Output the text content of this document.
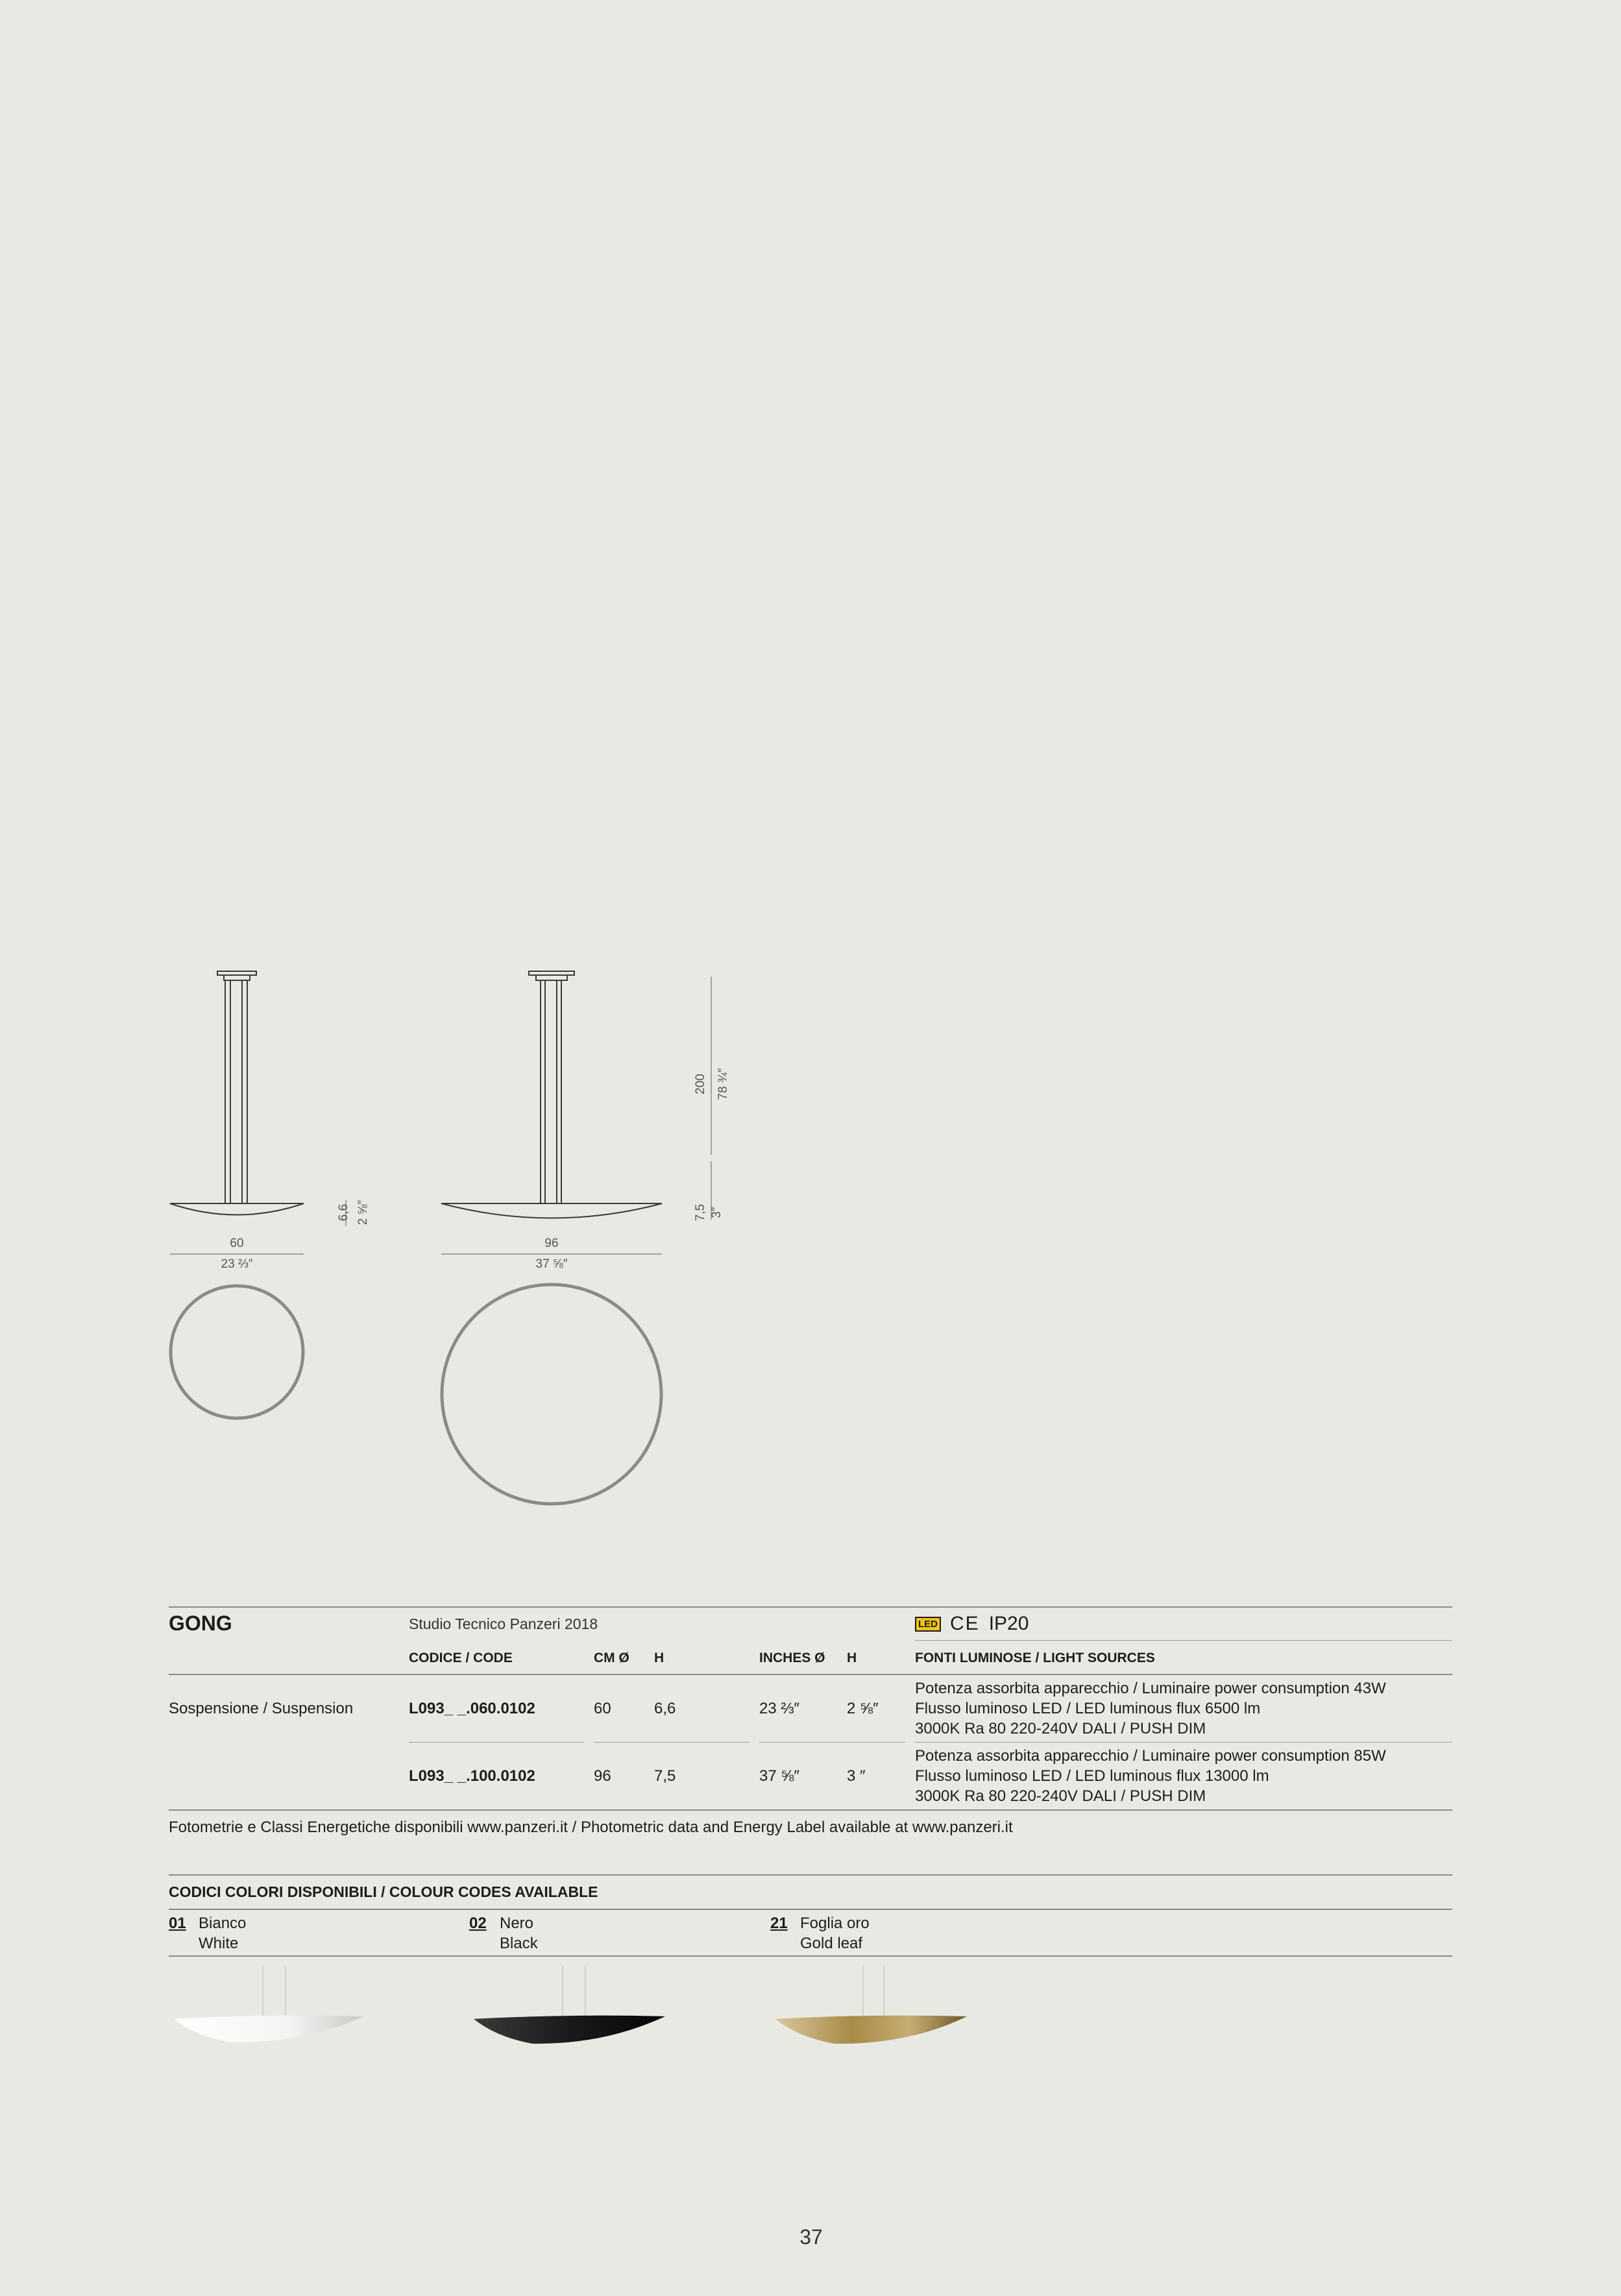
60
23 ⅔″
96
37 ⅝″
6,6 2 ⅝″
200 78 ¾″
7,5 3″
GONG	Studio Tecnico Panzeri 2018	LED CE IP20
CODICE / CODE	CM Ø H	INCHES Ø H	FONTI LUMINOSE / LIGHT SOURCES
Sospensione / Suspension	L093_ _.060.0102	60	6,6	23 ⅔″	2 ⅝″
Potenza assorbita apparecchio / Luminaire power consumption 43W
Flusso luminoso LED / LED luminous flux 6500 lm
3000K Ra 80 220-240V DALI / PUSH DIM
L093_ _.100.0102	96	7,5	37 ⅝″	3 ″
Potenza assorbita apparecchio / Luminaire power consumption 85W
Flusso luminoso LED / LED luminous flux 13000 lm
3000K Ra 80 220-240V DALI / PUSH DIM
Fotometrie e Classi Energetiche disponibili www.panzeri.it / Photometric data and Energy Label available at www.panzeri.it
CODICI COLORI DISPONIBILI / COLOUR CODES AVAILABLE
01 Bianco
White
02 Nero
Black
21 Foglia oro
Gold leaf
37
